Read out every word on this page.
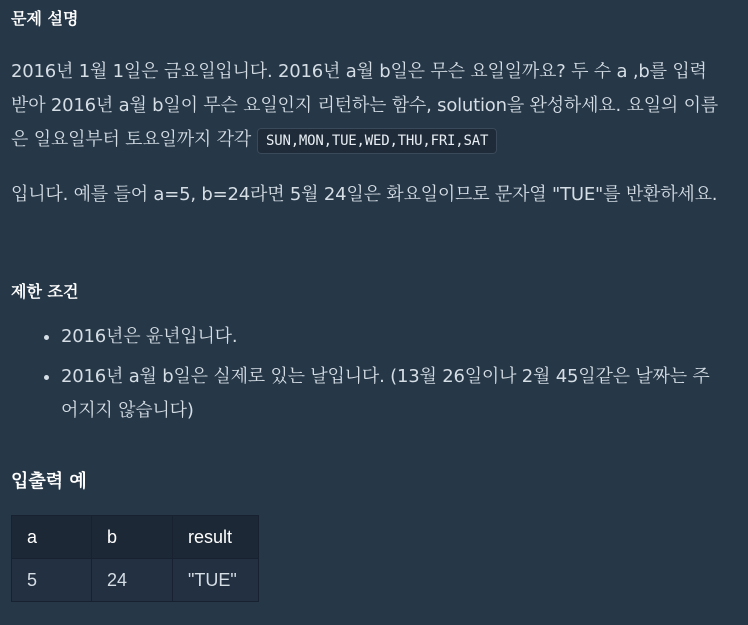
문제 설명

2016년 1월 1일은 금요일입니다. 2016년 a월 b일은 무슨 요일일까요? 두 수 a ,b를 입력받아 2016년 a월 b일이 무슨 요일인지 리턴하는 함수, solution을 완성하세요. 요일의 이름은 일요일부터 토요일까지 각각 SUN,MON,TUE,WED,THU,FRI,SAT

입니다. 예를 들어 a=5, b=24라면 5월 24일은 화요일이므로 문자열 "TUE"를 반환하세요.

제한 조건
• 2016년은 윤년입니다.
• 2016년 a월 b일은 실제로 있는 날입니다. (13월 26일이나 2월 45일같은 날짜는 주어지지 않습니다)
입출력 예
a	b	result
5	24	"TUE"
